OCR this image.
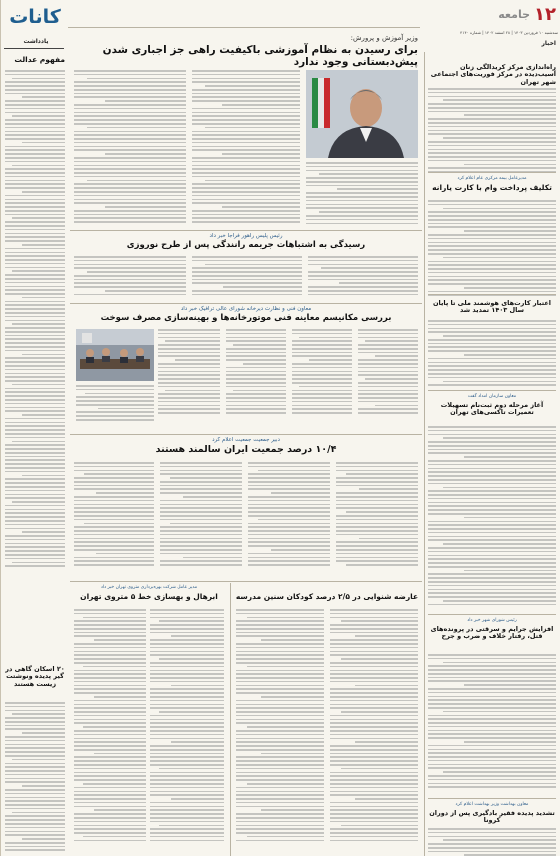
کانات
یادداشت
مفهوم عدالت
۲۰ اسکان گاهی در گیر پدیده ونوشتت زیست هستند
۱۲
جامعه
سه‌شنبه ۱۰ فروردین ۱۴۰۳ | ۲۸ اسفند ۱۴۰۲ | شماره ۴۱۴۰
اخبار
وزیر آموزش و پرورش:
برای رسیدن به نظام آموزشی باکیفیت راهی جز اجباری شدن پیش‌دبستانی وجود ندارد
رئیس پلیس راهور فراجا خبر داد
رسیدگی به اشتباهات جریمه رانندگی پس از طرح نوروزی
معاون فنی و نظارت دیرخانه شورای عالی ترافیک خبر داد
بررسی مکانیسم معاینه فنی موتورخانه‌ها و بهینه‌سازی مصرف سوخت
دبیر جمعیت جمعیت اعلام کرد
۱۰/۴ درصد جمعیت ایران سالمند هستند
عارضه شنوایی در ۲/۵ درصد کودکان سنین مدرسه
مدیر عامل شرکت بهره‌برداری متروی تهران خبر داد
ابرهال و بهسازی خط ۵ متروی تهران
راه‌اندازی مرکز کریدالگی زنان آسیب‌دیده در مرکز فوریت‌های اجتماعی شهر تهران
مدیرعامل بیمه مرکزی عام اعلام کرد
تکلیف پرداخت وام با کارت یارانه
اعتبار کارت‌های هوشمند ملی تا پایان سال ۱۴۰۳ تمدید شد
معاون سازمان امداد گفت
آغاز مرحله دوم ثبت‌نام تسهیلات تعمیرات تاکسی‌های تهران
رئیس شورای شهر خبر داد
افزایش جرایم و سرقتی در پرونده‌های قتل، رفتار خلاف و ضرب و جرح
معاون بهداشت وزیر بهداشت اعلام کرد
تشدید پدیده فقیر بادگیری پس از دوران کرونا
